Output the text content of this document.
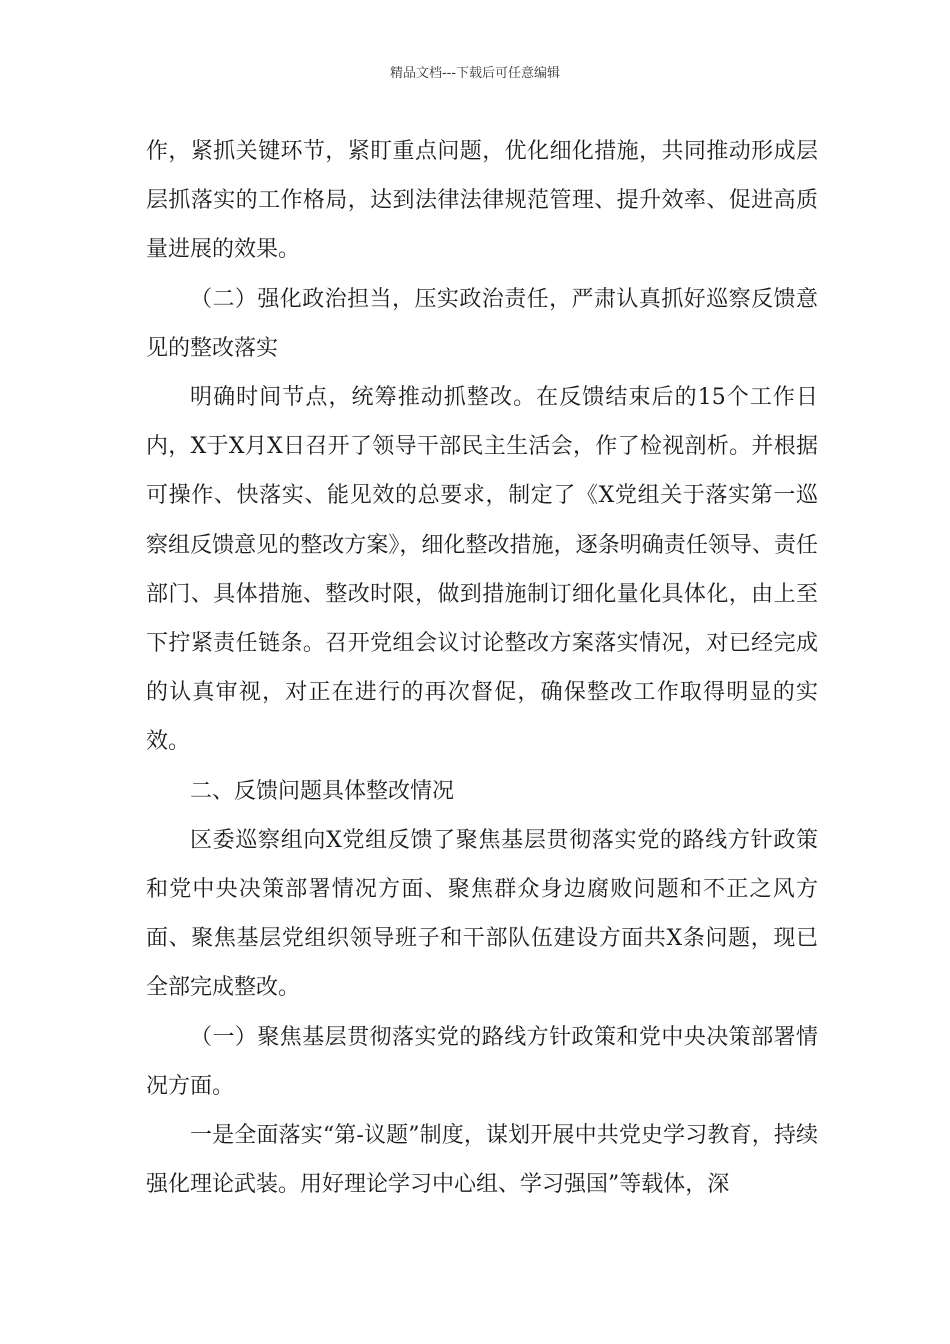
精品文档---下载后可任意编辑

作，紧抓关键环节，紧盯重点问题，优化细化措施，共同推动形成层层抓落实的工作格局，达到法律法律规范管理、提升效率、促进高质量进展的效果。

（二）强化政治担当，压实政治责任，严肃认真抓好巡察反馈意见的整改落实

明确时间节点，统筹推动抓整改。在反馈结束后的15个工作日内，X于X月X日召开了领导干部民主生活会，作了检视剖析。并根据可操作、快落实、能见效的总要求，制定了《X党组关于落实第一巡察组反馈意见的整改方案》，细化整改措施，逐条明确责任领导、责任部门、具体措施、整改时限，做到措施制订细化量化具体化，由上至下拧紧责任链条。召开党组会议讨论整改方案落实情况，对已经完成的认真审视，对正在进行的再次督促，确保整改工作取得明显的实效。

二、反馈问题具体整改情况

区委巡察组向X党组反馈了聚焦基层贯彻落实党的路线方针政策和党中央决策部署情况方面、聚焦群众身边腐败问题和不正之风方面、聚焦基层党组织领导班子和干部队伍建设方面共X条问题，现已全部完成整改。

（一）聚焦基层贯彻落实党的路线方针政策和党中央决策部署情况方面。

一是全面落实“第-议题”制度，谋划开展中共党史学习教育，持续强化理论武装。用好理论学习中心组、学习强国”等载体，深
